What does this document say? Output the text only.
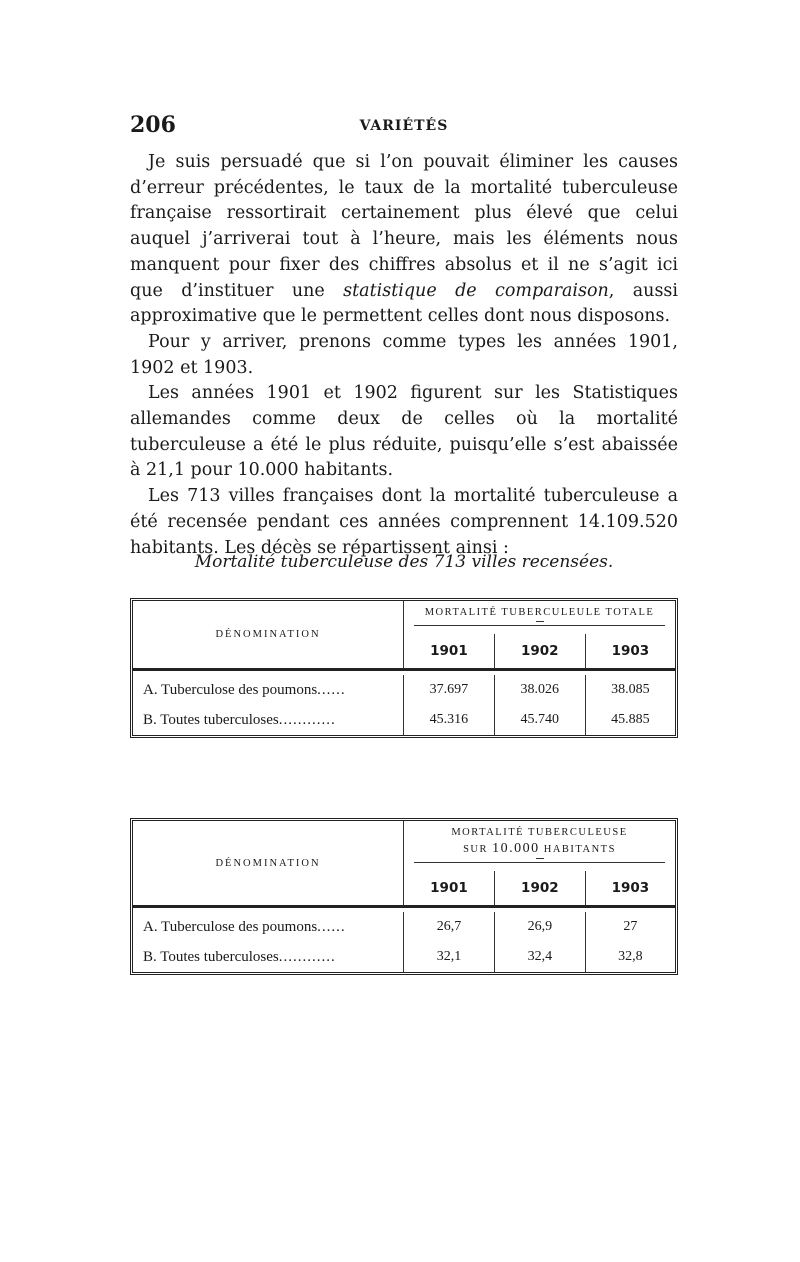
206	VARIÉTÉS

Je suis persuadé que si l’on pouvait éliminer les causes d’erreur précédentes, le taux de la mortalité tuberculeuse française ressortirait certainement plus élevé que celui auquel j’arriverai tout à l’heure, mais les éléments nous manquent pour fixer des chiffres absolus et il ne s’agit ici que d’instituer une statistique de comparaison, aussi approximative que le permettent celles dont nous disposons.

Pour y arriver, prenons comme types les années 1901, 1902 et 1903.

Les années 1901 et 1902 figurent sur les Statistiques allemandes comme deux de celles où la mortalité tuberculeuse a été le plus réduite, puisqu’elle s’est abaissée à 21,1 pour 10.000 habitants.

Les 713 villes françaises dont la mortalité tuberculeuse a été recensée pendant ces années comprennent 14.109.520 habitants. Les décès se répartissent ainsi :

Mortalité tuberculeuse des 713 villes recensées.
DÉNOMINATION	MORTALITÉ TUBERCULEULE TOTALE		

	1901	1902	1903

A. Tuberculose des poumons......	37.697	38.026	38.085
B. Toutes tuberculoses............	45.316	45.740	45.885
DÉNOMINATION	MORTALITÉ TUBERCULEUSE
SUR 10.000 HABITANTS		

	1901	1902	1903

A. Tuberculose des poumons......	26,7	26,9	27
B. Toutes tuberculoses............	32,1	32,4	32,8
